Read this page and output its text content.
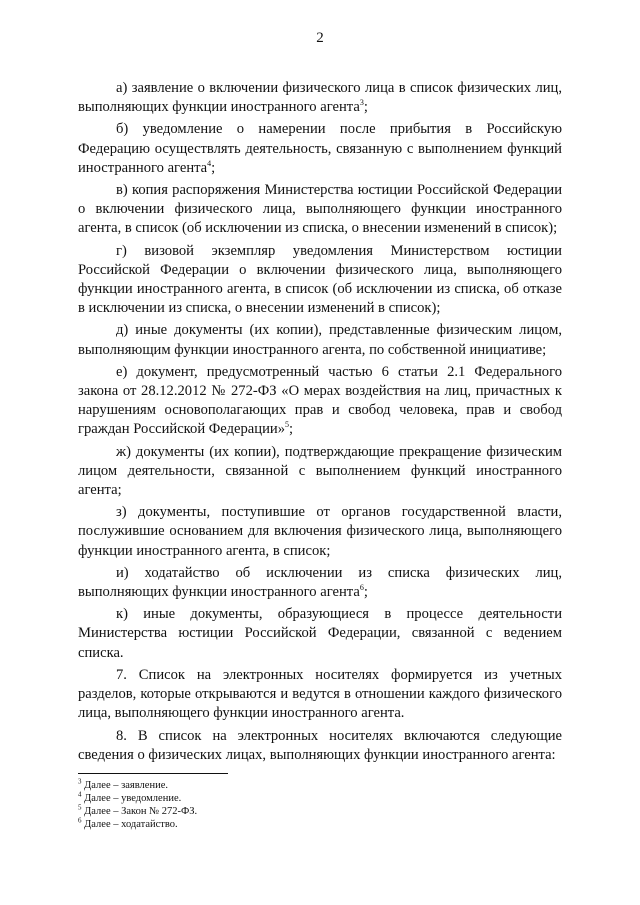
2

а) заявление о включении физического лица в список физических лиц, выполняющих функции иностранного агента$^3$;

б) уведомление о намерении после прибытия в Российскую Федерацию осуществлять деятельность, связанную с выполнением функций иностранного агента$^4$;

в) копия распоряжения Министерства юстиции Российской Федерации о включении физического лица, выполняющего функции иностранного агента, в список (об исключении из списка, о внесении изменений в список);

г) визовой экземпляр уведомления Министерством юстиции Российской Федерации о включении физического лица, выполняющего функции иностранного агента, в список (об исключении из списка, об отказе в исключении из списка, о внесении изменений в список);

д) иные документы (их копии), представленные физическим лицом, выполняющим функции иностранного агента, по собственной инициативе;

е) документ, предусмотренный частью 6 статьи 2.1 Федерального закона от 28.12.2012 № 272-ФЗ «О мерах воздействия на лиц, причастных к нарушениям основополагающих прав и свобод человека, прав и свобод граждан Российской Федерации»$^5$;

ж) документы (их копии), подтверждающие прекращение физическим лицом деятельности, связанной с выполнением функций иностранного агента;

з) документы, поступившие от органов государственной власти, послужившие основанием для включения физического лица, выполняющего функции иностранного агента, в список;

и) ходатайство об исключении из списка физических лиц, выполняющих функции иностранного агента$^6$;

к) иные документы, образующиеся в процессе деятельности Министерства юстиции Российской Федерации, связанной с ведением списка.

7. Список на электронных носителях формируется из учетных разделов, которые открываются и ведутся в отношении каждого физического лица, выполняющего функции иностранного агента.

8. В список на электронных носителях включаются следующие сведения о физических лицах, выполняющих функции иностранного агента:

$^3$ Далее – заявление.
$^4$ Далее – уведомление.
$^5$ Далее – Закон № 272-ФЗ.
$^6$ Далее – ходатайство.
